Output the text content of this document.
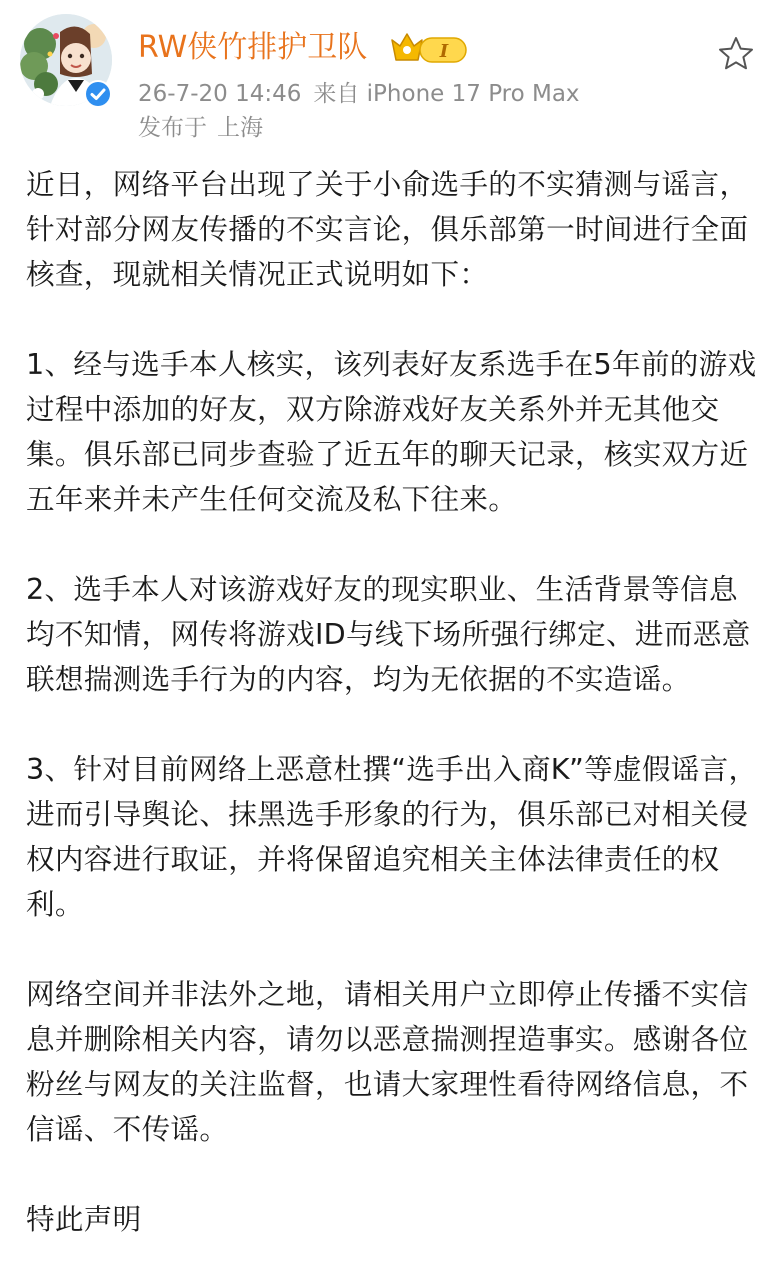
RW侠竹排护卫队	I
26-7-20 14:46 来自 iPhone 17 Pro Max
发布于 上海

近日，网络平台出现了关于小俞选手的不实猜测与谣言，针对部分网友传播的不实言论，俱乐部第一时间进行全面核查，现就相关情况正式说明如下：

1、经与选手本人核实，该列表好友系选手在5年前的游戏过程中添加的好友，双方除游戏好友关系外并无其他交集。俱乐部已同步查验了近五年的聊天记录，核实双方近五年来并未产生任何交流及私下往来。

2、选手本人对该游戏好友的现实职业、生活背景等信息均不知情，网传将游戏ID与线下场所强行绑定、进而恶意联想揣测选手行为的内容，均为无依据的不实造谣。

3、针对目前网络上恶意杜撰“选手出入商K”等虚假谣言，进而引导舆论、抹黑选手形象的行为，俱乐部已对相关侵权内容进行取证，并将保留追究相关主体法律责任的权利。

网络空间并非法外之地，请相关用户立即停止传播不实信息并删除相关内容，请勿以恶意揣测捏造事实。感谢各位粉丝与网友的关注监督，也请大家理性看待网络信息，不信谣、不传谣。

特此声明
